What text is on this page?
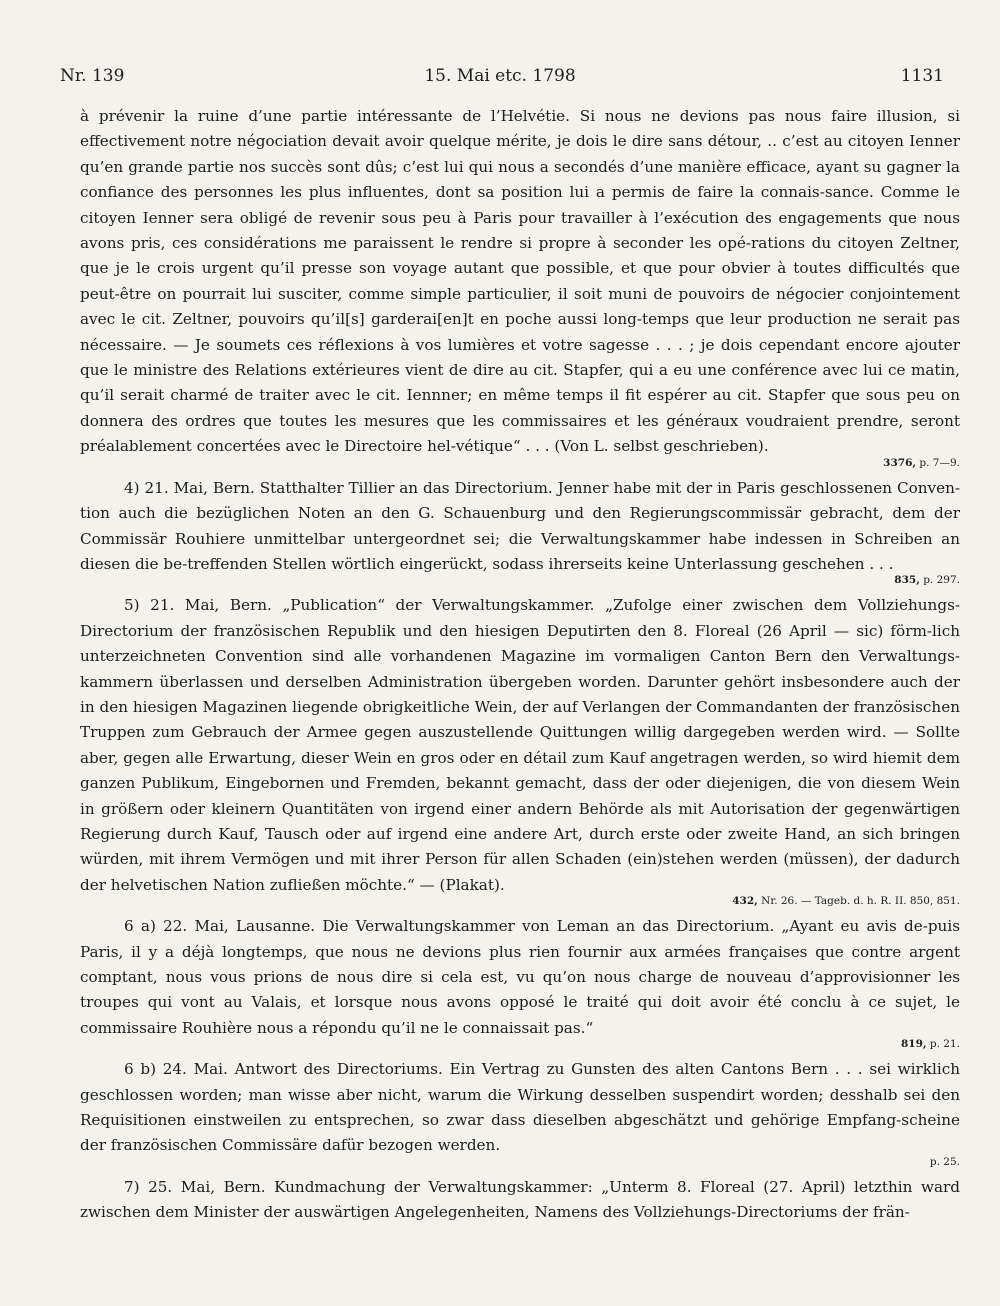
Nr. 139	15. Mai etc. 1798	1131

à prévenir la ruine d’une partie intéressante de l’Helvétie. Si nous ne devions pas nous faire illusion, si effectivement notre négociation devait avoir quelque mérite, je dois le dire sans détour, .. c’est au citoyen Ienner qu’en grande partie nos succès sont dûs; c’est lui qui nous a secondés d’une manière efficace, ayant su gagner la confiance des personnes les plus influentes, dont sa position lui a permis de faire la connais-sance. Comme le citoyen Ienner sera obligé de revenir sous peu à Paris pour travailler à l’exécution des engagements que nous avons pris, ces considérations me paraissent le rendre si propre à seconder les opé-rations du citoyen Zeltner, que je le crois urgent qu’il presse son voyage autant que possible, et que pour obvier à toutes difficultés que peut-être on pourrait lui susciter, comme simple particulier, il soit muni de pouvoirs de négocier conjointement avec le cit. Zeltner, pouvoirs qu’il[s] garderai[en]t en poche aussi long-temps que leur production ne serait pas nécessaire. — Je soumets ces réflexions à vos lumières et votre sagesse . . . ; je dois cependant encore ajouter que le ministre des Relations extérieures vient de dire au cit. Stapfer, qui a eu une conférence avec lui ce matin, qu’il serait charmé de traiter avec le cit. Iennner; en même temps il fit espérer au cit. Stapfer que sous peu on donnera des ordres que toutes les mesures que les commissaires et les généraux voudraient prendre, seront préalablement concertées avec le Directoire hel-vétique“ . . . (Von L. selbst geschrieben).
3376, p. 7—9.

4) 21. Mai, Bern. Statthalter Tillier an das Directorium. Jenner habe mit der in Paris geschlossenen Conven-tion auch die bezüglichen Noten an den G. Schauenburg und den Regierungscommissär gebracht, dem der Commissär Rouhiere unmittelbar untergeordnet sei; die Verwaltungskammer habe indessen in Schreiben an diesen die be-treffenden Stellen wörtlich eingerückt, sodass ihrerseits keine Unterlassung geschehen . . .
835, p. 297.

5) 21. Mai, Bern. „Publication“ der Verwaltungskammer. „Zufolge einer zwischen dem Vollziehungs-Directorium der französischen Republik und den hiesigen Deputirten den 8. Floreal (26 April — sic) förm-lich unterzeichneten Convention sind alle vorhandenen Magazine im vormaligen Canton Bern den Verwaltungs-kammern überlassen und derselben Administration übergeben worden. Darunter gehört insbesondere auch der in den hiesigen Magazinen liegende obrigkeitliche Wein, der auf Verlangen der Commandanten der französischen Truppen zum Gebrauch der Armee gegen auszustellende Quittungen willig dargegeben werden wird. — Sollte aber, gegen alle Erwartung, dieser Wein en gros oder en détail zum Kauf angetragen werden, so wird hiemit dem ganzen Publikum, Eingebornen und Fremden, bekannt gemacht, dass der oder diejenigen, die von diesem Wein in größern oder kleinern Quantitäten von irgend einer andern Behörde als mit Autorisation der gegenwärtigen Regierung durch Kauf, Tausch oder auf irgend eine andere Art, durch erste oder zweite Hand, an sich bringen würden, mit ihrem Vermögen und mit ihrer Person für allen Schaden (ein)stehen werden (müssen), der dadurch der helvetischen Nation zufließen möchte.“ — (Plakat).
432, Nr. 26. — Tageb. d. h. R. II. 850, 851.

6 a) 22. Mai, Lausanne. Die Verwaltungskammer von Leman an das Directorium. „Ayant eu avis de-puis Paris, il y a déjà longtemps, que nous ne devions plus rien fournir aux armées françaises que contre argent comptant, nous vous prions de nous dire si cela est, vu qu’on nous charge de nouveau d’approvisionner les troupes qui vont au Valais, et lorsque nous avons opposé le traité qui doit avoir été conclu à ce sujet, le commissaire Rouhière nous a répondu qu’il ne le connaissait pas.“
819, p. 21.

6 b) 24. Mai. Antwort des Directoriums. Ein Vertrag zu Gunsten des alten Cantons Bern . . . sei wirklich geschlossen worden; man wisse aber nicht, warum die Wirkung desselben suspendirt worden; desshalb sei den Requisitionen einstweilen zu entsprechen, so zwar dass dieselben abgeschätzt und gehörige Empfang-scheine der französischen Commissäre dafür bezogen werden.
p. 25.

7) 25. Mai, Bern. Kundmachung der Verwaltungskammer: „Unterm 8. Floreal (27. April) letzthin ward zwischen dem Minister der auswärtigen Angelegenheiten, Namens des Vollziehungs-Directoriums der frän-
